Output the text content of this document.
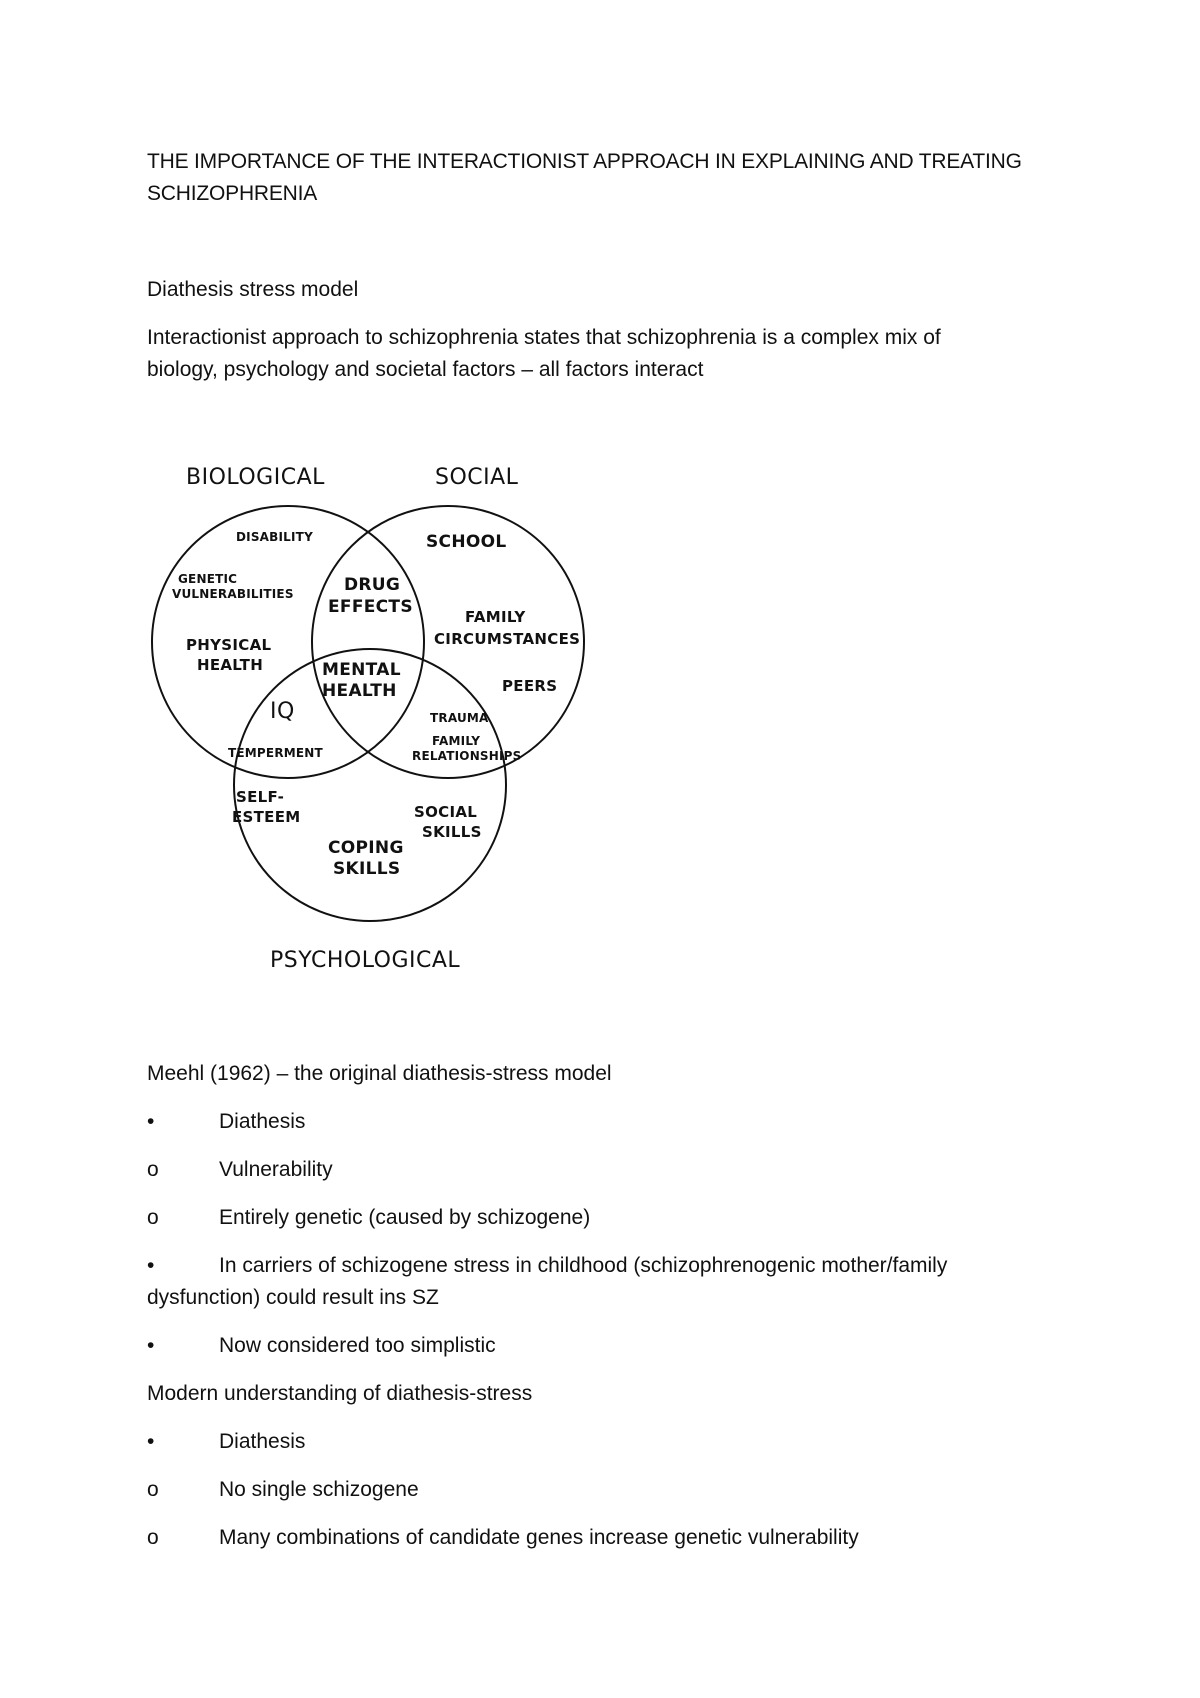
THE IMPORTANCE OF THE INTERACTIONIST APPROACH IN EXPLAINING AND TREATING
SCHIZOPHRENIA
Diathesis stress model
Interactionist approach to schizophrenia states that schizophrenia is a complex mix of
biology, psychology and societal factors – all factors interact
BIOLOGICAL	SOCIAL
PSYCHOLOGICAL
DISABILITY
GENETIC
VULNERABILITIES
PHYSICAL
HEALTH
DRUG
EFFECTS
SCHOOL
FAMILY
CIRCUMSTANCES
PEERS
MENTAL
HEALTH
IQ
TEMPERMENT
TRAUMA
FAMILY
RELATIONSHIPS
SELF-
ESTEEM	SOCIAL
SKILLS
COPING
SKILLS
Meehl (1962) – the original diathesis-stress model
•	Diathesis
o	Vulnerability
o	Entirely genetic (caused by schizogene)
•	In carriers of schizogene stress in childhood (schizophrenogenic mother/family
dysfunction) could result ins SZ
•	Now considered too simplistic
Modern understanding of diathesis-stress
•	Diathesis
o	No single schizogene
o	Many combinations of candidate genes increase genetic vulnerability
